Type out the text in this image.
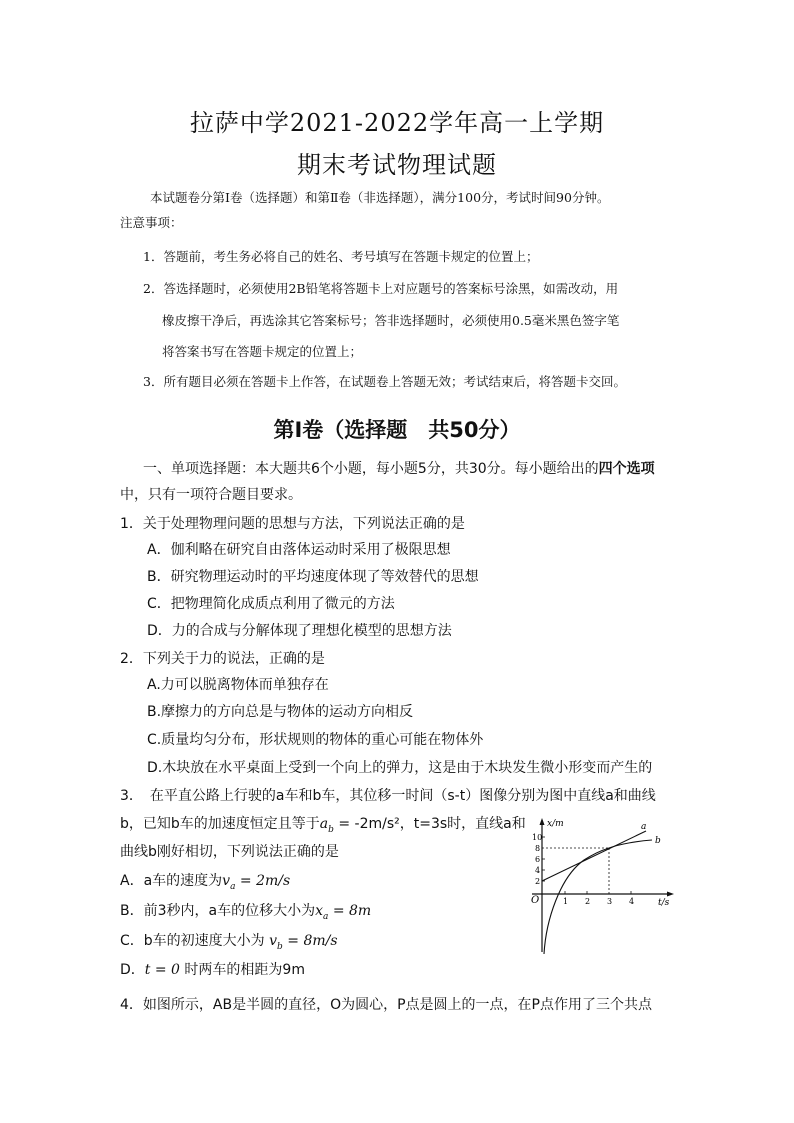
拉萨中学2021-2022学年高一上学期
期末考试物理试题
本试题卷分第Ⅰ卷（选择题）和第Ⅱ卷（非选择题），满分100分，考试时间90分钟。
注意事项：
1．答题前，考生务必将自己的姓名、考号填写在答题卡规定的位置上；
2．答选择题时，必须使用2B铅笔将答题卡上对应题号的答案标号涂黑，如需改动，用
橡皮擦干净后，再选涂其它答案标号；答非选择题时，必须使用0.5毫米黑色签字笔
将答案书写在答题卡规定的位置上；
3．所有题目必须在答题卡上作答，在试题卷上答题无效；考试结束后，将答题卡交回。
第Ⅰ卷（选择题　共50分）
一、单项选择题：本大题共6个小题，每小题5分，共30分。每小题给出的四个选项
中，只有一项符合题目要求。
1．关于处理物理问题的思想与方法，下列说法正确的是
A．伽利略在研究自由落体运动时采用了极限思想
B．研究物理运动时的平均速度体现了等效替代的思想
C．把物理简化成质点利用了微元的方法
D．力的合成与分解体现了理想化模型的思想方法
2．下列关于力的说法，正确的是
A.力可以脱离物体而单独存在
B.摩擦力的方向总是与物体的运动方向相反
C.质量均匀分布，形状规则的物体的重心可能在物体外
D.木块放在水平桌面上受到一个向上的弹力，这是由于木块发生微小形变而产生的
3．　在平直公路上行驶的a车和b车，其位移一时间（s-t）图像分别为图中直线a和曲线
b，已知b车的加速度恒定且等于$a_b = -2m/s^2$，t=3s时，直线a和
曲线b刚好相切，下列说法正确的是
A．a车的速度为$v_a = 2m/s$
B．前3秒内，a车的位移大小为$x_a = 8m$
C．b车的初速度大小为 $v_b = 8m/s$
D．t = 0 时两车的相距为9m
x/m
t/s
O
10
8
6
4
2
1 2 3 4
a
b
4．如图所示，AB是半圆的直径，O为圆心，P点是圆上的一点，在P点作用了三个共点
